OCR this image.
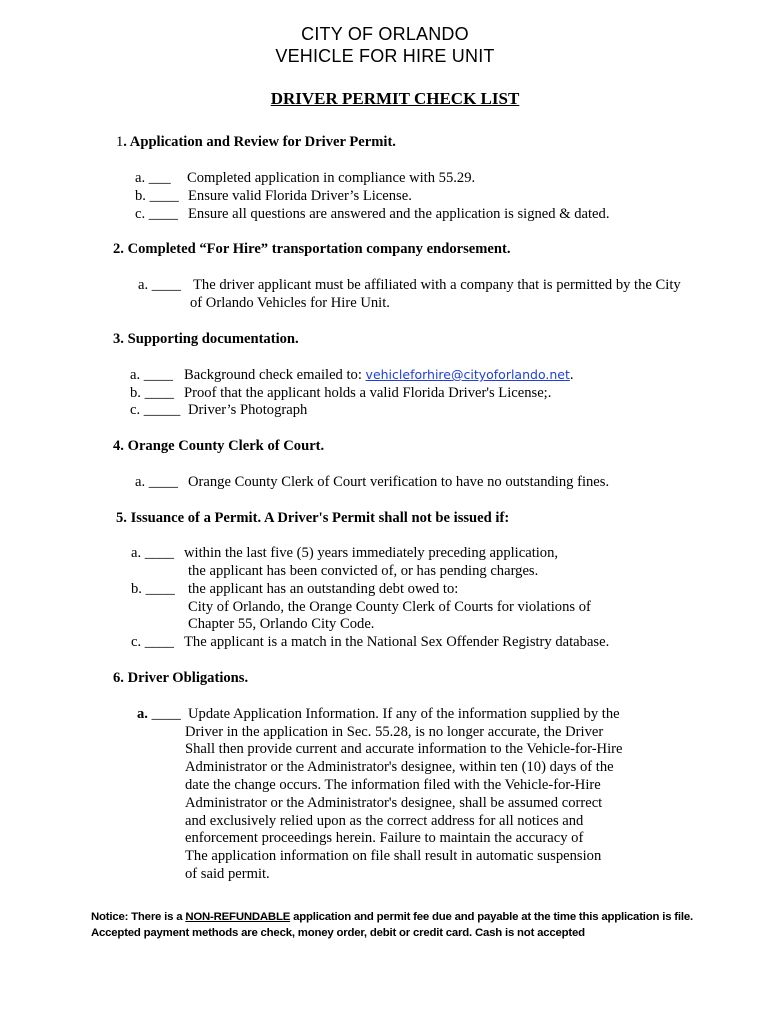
CITY OF ORLANDO
VEHICLE FOR HIRE UNIT
DRIVER PERMIT CHECK LIST
1. Application and Review for Driver Permit.
a. ___ Completed application in compliance with 55.29.
b. ____ Ensure valid Florida Driver’s License.
c. ____ Ensure all questions are answered and the application is signed & dated.
2. Completed “For Hire” transportation company endorsement.
a. ____ The driver applicant must be affiliated with a company that is permitted by the City
of Orlando Vehicles for Hire Unit.
3. Supporting documentation.
a. ____ Background check emailed to: vehicleforhire@cityoforlando.net.
b. ____ Proof that the applicant holds a valid Florida Driver's License;.
c. _____ Driver’s Photograph
4. Orange County Clerk of Court.
a. ____ Orange County Clerk of Court verification to have no outstanding fines.
5. Issuance of a Permit. A Driver's Permit shall not be issued if:
a. ____ within the last five (5) years immediately preceding application,
the applicant has been convicted of, or has pending charges.
b. ____ the applicant has an outstanding debt owed to:
City of Orlando, the Orange County Clerk of Courts for violations of
Chapter 55, Orlando City Code.
c. ____ The applicant is a match in the National Sex Offender Registry database.
6. Driver Obligations.
a. ____ Update Application Information. If any of the information supplied by the
Driver in the application in Sec. 55.28, is no longer accurate, the Driver
Shall then provide current and accurate information to the Vehicle-for-Hire
Administrator or the Administrator's designee, within ten (10) days of the
date the change occurs. The information filed with the Vehicle-for-Hire
Administrator or the Administrator's designee, shall be assumed correct
and exclusively relied upon as the correct address for all notices and
enforcement proceedings herein. Failure to maintain the accuracy of
The application information on file shall result in automatic suspension
of said permit.
Notice: There is a NON-REFUNDABLE application and permit fee due and payable at the time this application is file.
Accepted payment methods are check, money order, debit or credit card. Cash is not accepted
